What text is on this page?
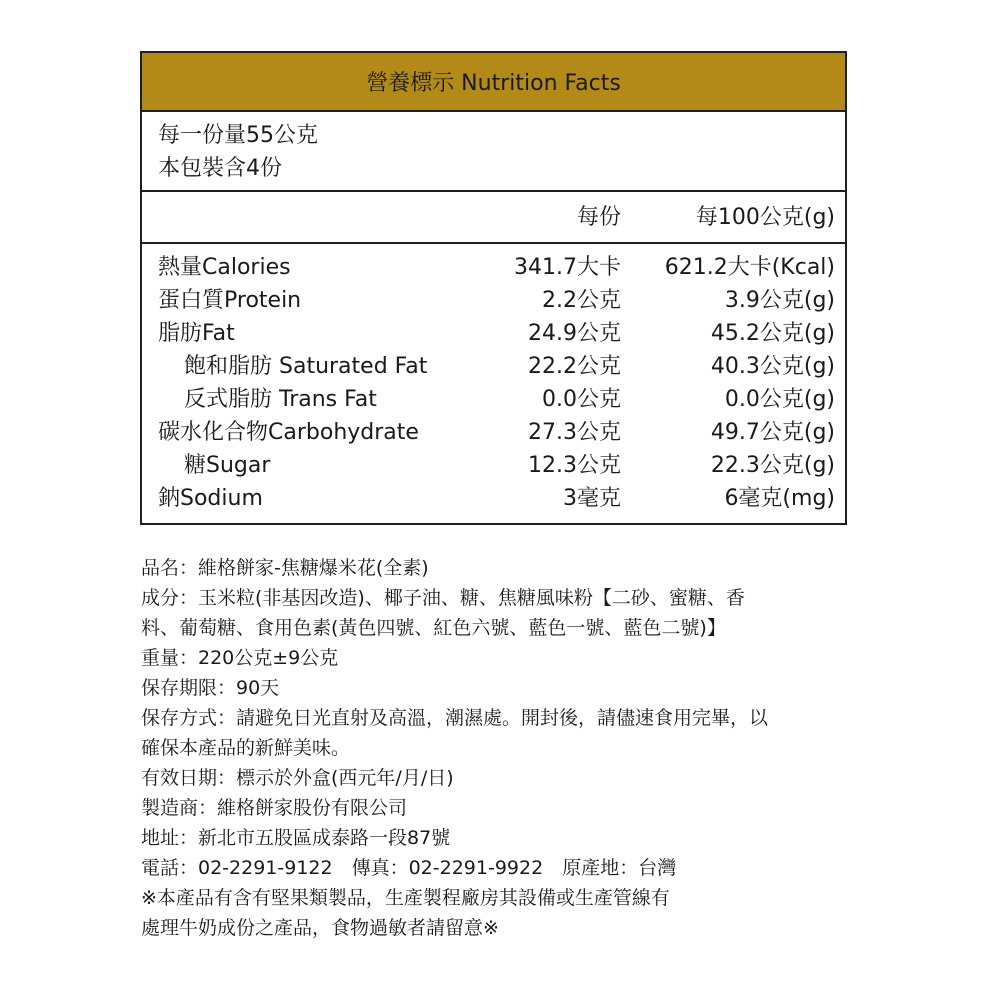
營養標示 Nutrition Facts
每一份量55公克
本包裝含4份
每份	每100公克(g)
熱量Calories	341.7大卡 621.2大卡(Kcal)
蛋白質Protein	2.2公克	3.9公克(g)
脂肪Fat	24.9公克	45.2公克(g)
飽和脂肪 Saturated Fat	22.2公克	40.3公克(g)
反式脂肪 Trans Fat	0.0公克	0.0公克(g)
碳水化合物Carbohydrate	27.3公克	49.7公克(g)
糖Sugar	12.3公克	22.3公克(g)
鈉Sodium	3毫克	6毫克(mg)
品名：維格餅家-焦糖爆米花(全素)
成分：玉米粒(非基因改造)、椰子油、糖、焦糖風味粉【二砂、蜜糖、香
料、葡萄糖、食用色素(黃色四號、紅色六號、藍色一號、藍色二號)】
重量：220公克±9公克
保存期限：90天
保存方式：請避免日光直射及高溫，潮濕處。開封後，請儘速食用完畢，以
確保本產品的新鮮美味。
有效日期：標示於外盒(西元年/月/日)
製造商：維格餅家股份有限公司
地址：新北市五股區成泰路一段87號
電話：02-2291-9122　傳真：02-2291-9922　原產地：台灣
※本產品有含有堅果類製品，生產製程廠房其設備或生產管線有
處理牛奶成份之產品，食物過敏者請留意※
